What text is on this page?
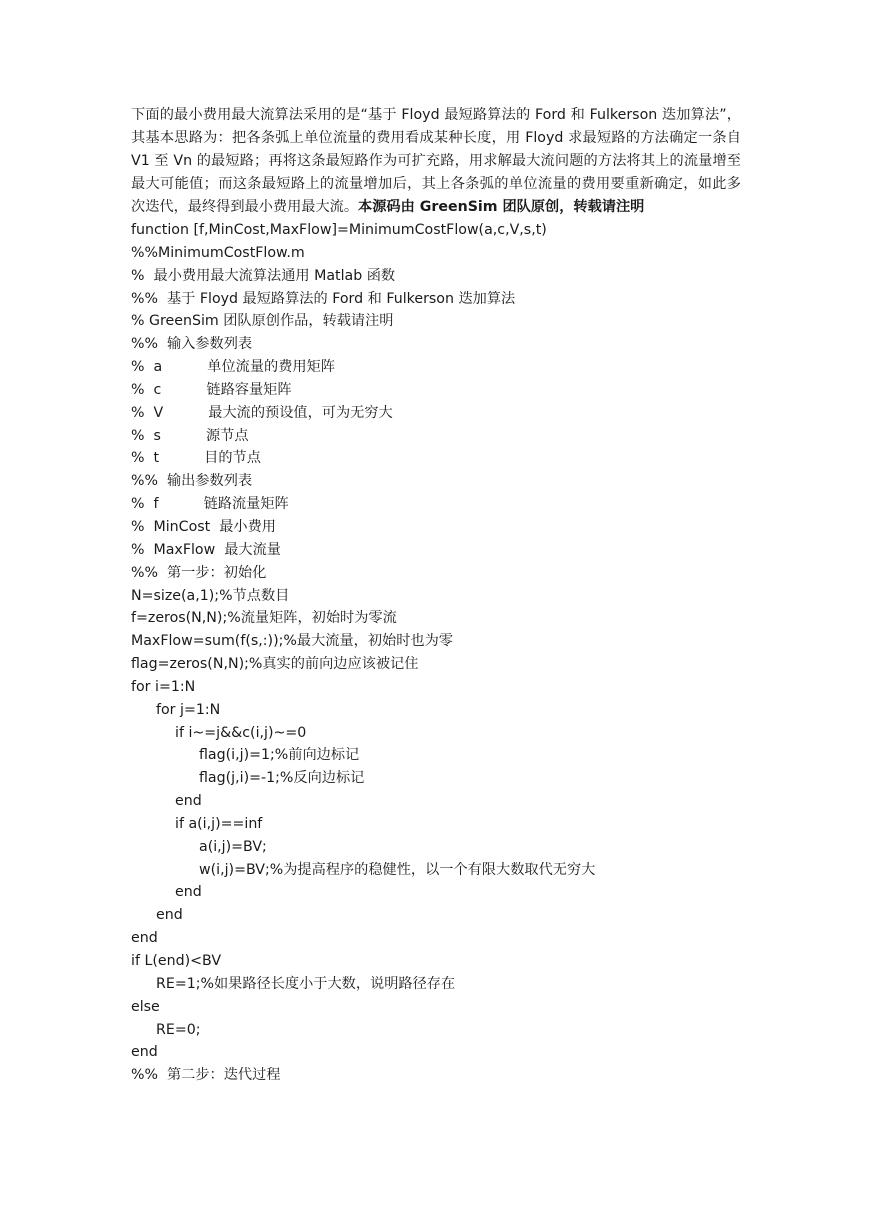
下面的最小费用最大流算法采用的是“基于 Floyd 最短路算法的 Ford 和 Fulkerson 迭加算法”，其基本思路为：把各条弧上单位流量的费用看成某种长度，用 Floyd 求最短路的方法确定一条自 V1 至 Vn 的最短路；再将这条最短路作为可扩充路，用求解最大流问题的方法将其上的流量增至最大可能值；而这条最短路上的流量增加后，其上各条弧的单位流量的费用要重新确定，如此多次迭代，最终得到最小费用最大流。本源码由 GreenSim 团队原创，转载请注明

function [f,MinCost,MaxFlow]=MinimumCostFlow(a,c,V,s,t)
%%MinimumCostFlow.m
%  最小费用最大流算法通用 Matlab 函数
%%  基于 Floyd 最短路算法的 Ford 和 Fulkerson 迭加算法
% GreenSim 团队原创作品，转载请注明
%%  输入参数列表
%  a          单位流量的费用矩阵
%  c          链路容量矩阵
%  V          最大流的预设值，可为无穷大
%  s          源节点
%  t          目的节点
%%  输出参数列表
%  f          链路流量矩阵
%  MinCost  最小费用
%  MaxFlow  最大流量
%%  第一步：初始化
N=size(a,1);%节点数目
f=zeros(N,N);%流量矩阵，初始时为零流
MaxFlow=sum(f(s,:));%最大流量，初始时也为零
flag=zeros(N,N);%真实的前向边应该被记住
for i=1:N
for j=1:N
if i~=j&&c(i,j)~=0
flag(i,j)=1;%前向边标记
flag(j,i)=-1;%反向边标记
end
if a(i,j)==inf
a(i,j)=BV;
w(i,j)=BV;%为提高程序的稳健性，以一个有限大数取代无穷大
end
end
end
if L(end)<BV
RE=1;%如果路径长度小于大数，说明路径存在
else
RE=0;
end
%%  第二步：迭代过程
